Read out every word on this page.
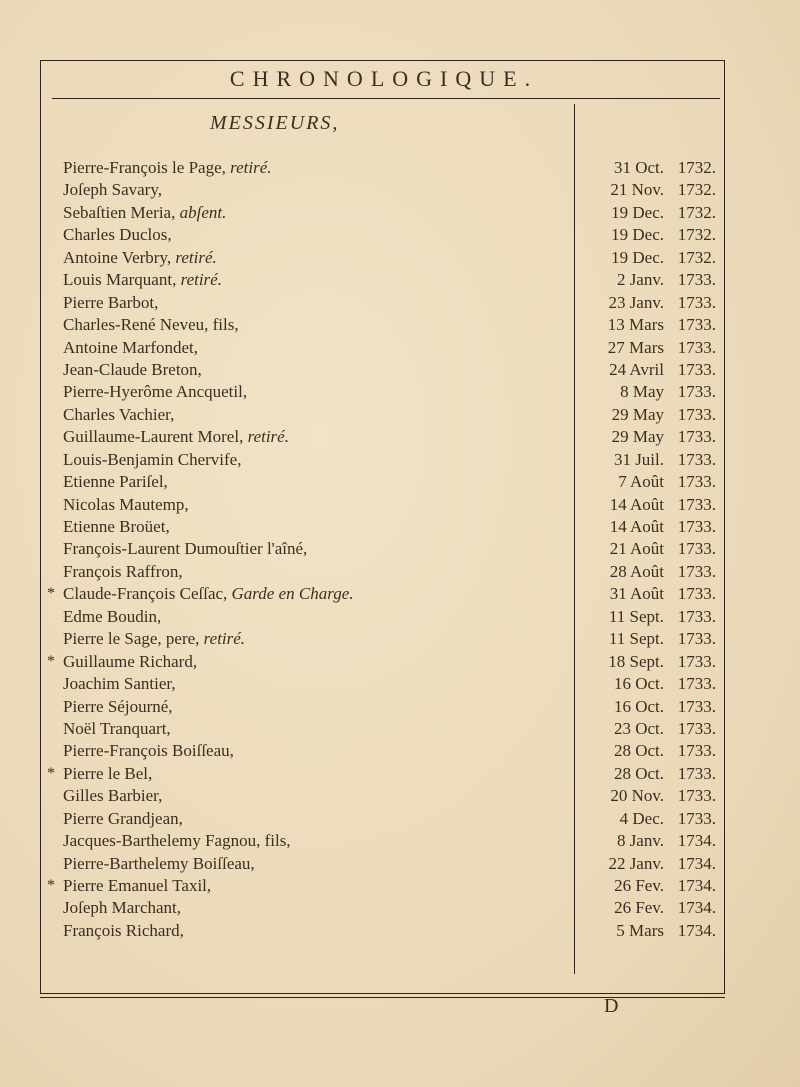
CHRONOLOGIQUE.
MESSIEURS,
Pierre-François le Page, retiré.
Joſeph Savary,
Sebaſtien Meria, abſent.
Charles Duclos,
Antoine Verbry, retiré.
Louis Marquant, retiré.
Pierre Barbot,
Charles-René Neveu, fils,
Antoine Marfondet,
Jean-Claude Breton,
Pierre-Hyerôme Ancquetil,
Charles Vachier,
Guillaume-Laurent Morel, retiré.
Louis-Benjamin Chervife,
Etienne Pariſel,
Nicolas Mautemp,
Etienne Broüet,
François-Laurent Dumouſtier l'aîné,
François Raffron,
* Claude-François Ceſſac, Garde en Charge.
Edme Boudin,
Pierre le Sage, pere, retiré.
* Guillaume Richard,
Joachim Santier,
Pierre Séjourné,
Noël Tranquart,
Pierre-François Boiſſeau,
* Pierre le Bel,
Gilles Barbier,
Pierre Grandjean,
Jacques-Barthelemy Fagnou, fils,
Pierre-Barthelemy Boiſſeau,
* Pierre Emanuel Taxil,
Joſeph Marchant,
François Richard,
31 Oct. 1732.
21 Nov. 1732.
19 Dec. 1732.
19 Dec. 1732.
19 Dec. 1732.
2 Janv. 1733.
23 Janv. 1733.
13 Mars 1733.
27 Mars 1733.
24 Avril 1733.
8 May 1733.
29 May 1733.
29 May 1733.
31 Juil. 1733.
7 Août 1733.
14 Août 1733.
14 Août 1733.
21 Août 1733.
28 Août 1733.
31 Août 1733.
11 Sept. 1733.
11 Sept. 1733.
18 Sept. 1733.
16 Oct. 1733.
16 Oct. 1733.
23 Oct. 1733.
28 Oct. 1733.
28 Oct. 1733.
20 Nov. 1733.
4 Dec. 1733.
8 Janv. 1734.
22 Janv. 1734.
26 Fev. 1734.
26 Fev. 1734.
5 Mars 1734.
D
